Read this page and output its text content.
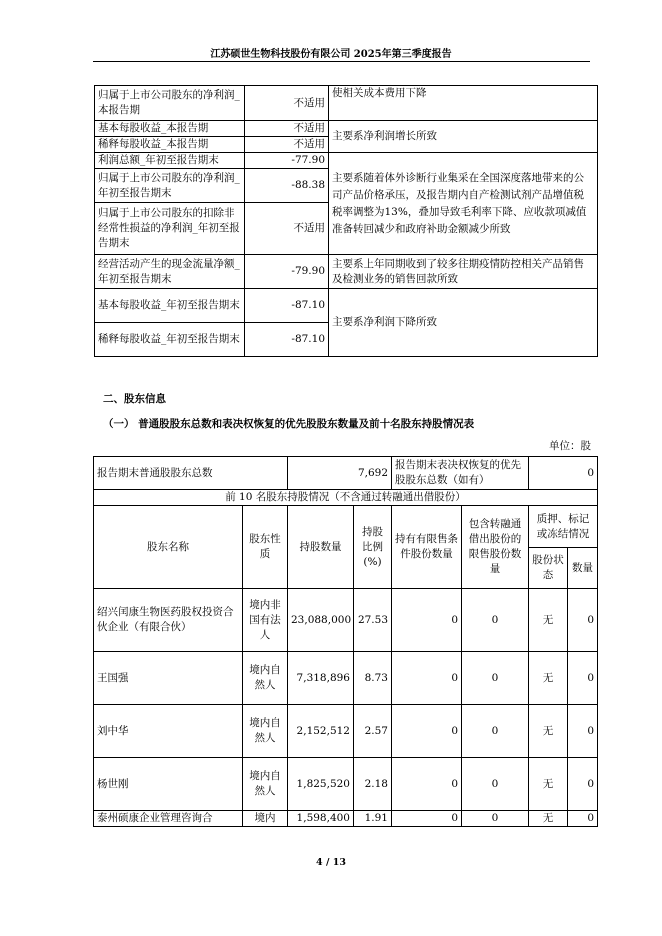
江苏硕世生物科技股份有限公司 2025年第三季度报告
归属于上市公司股东的净利润_本报告期	不适用	使相关成本费用下降
基本每股收益_本报告期	不适用	主要系净利润增长所致
稀释每股收益_本报告期	不适用	
利润总额_年初至报告期末	-77.90	主要系随着体外诊断行业集采在全国深度落地带来的公司产品价格承压，及报告期内自产检测试剂产品增值税税率调整为13%，叠加导致毛利率下降、应收款项减值准备转回减少和政府补助金额减少所致
归属于上市公司股东的净利润_年初至报告期末	-88.38	
归属于上市公司股东的扣除非经常性损益的净利润_年初至报告期末	不适用	
经营活动产生的现金流量净额_年初至报告期末	-79.90	主要系上年同期收到了较多往期疫情防控相关产品销售及检测业务的销售回款所致
基本每股收益_年初至报告期末	-87.10	主要系净利润下降所致
稀释每股收益_年初至报告期末	-87.10	
二、股东信息
（一） 普通股股东总数和表决权恢复的优先股股东数量及前十名股东持股情况表
单位：股
报告期末普通股股东总数		7,692		报告期末表决权恢复的优先股股东总数（如有）		0	
前 10 名股东持股情况（不含通过转融通出借股份）							
股东名称	股东性质	持股数量	持股比例(%)	持有有限售条件股份数量	包含转融通借出股份的限售股份数量	质押、标记或冻结情况	
						股份状态	数量
绍兴闰康生物医药股权投资合伙企业（有限合伙）	境内非国有法人	23,088,000	27.53	0	0	无	0
王国强	境内自然人	7,318,896	8.73	0	0	无	0
刘中华	境内自然人	2,152,512	2.57	0	0	无	0
杨世刚	境内自然人	1,825,520	2.18	0	0	无	0
泰州硕康企业管理咨询合	境内	1,598,400	1.91	0	0	无	0
4 / 13
